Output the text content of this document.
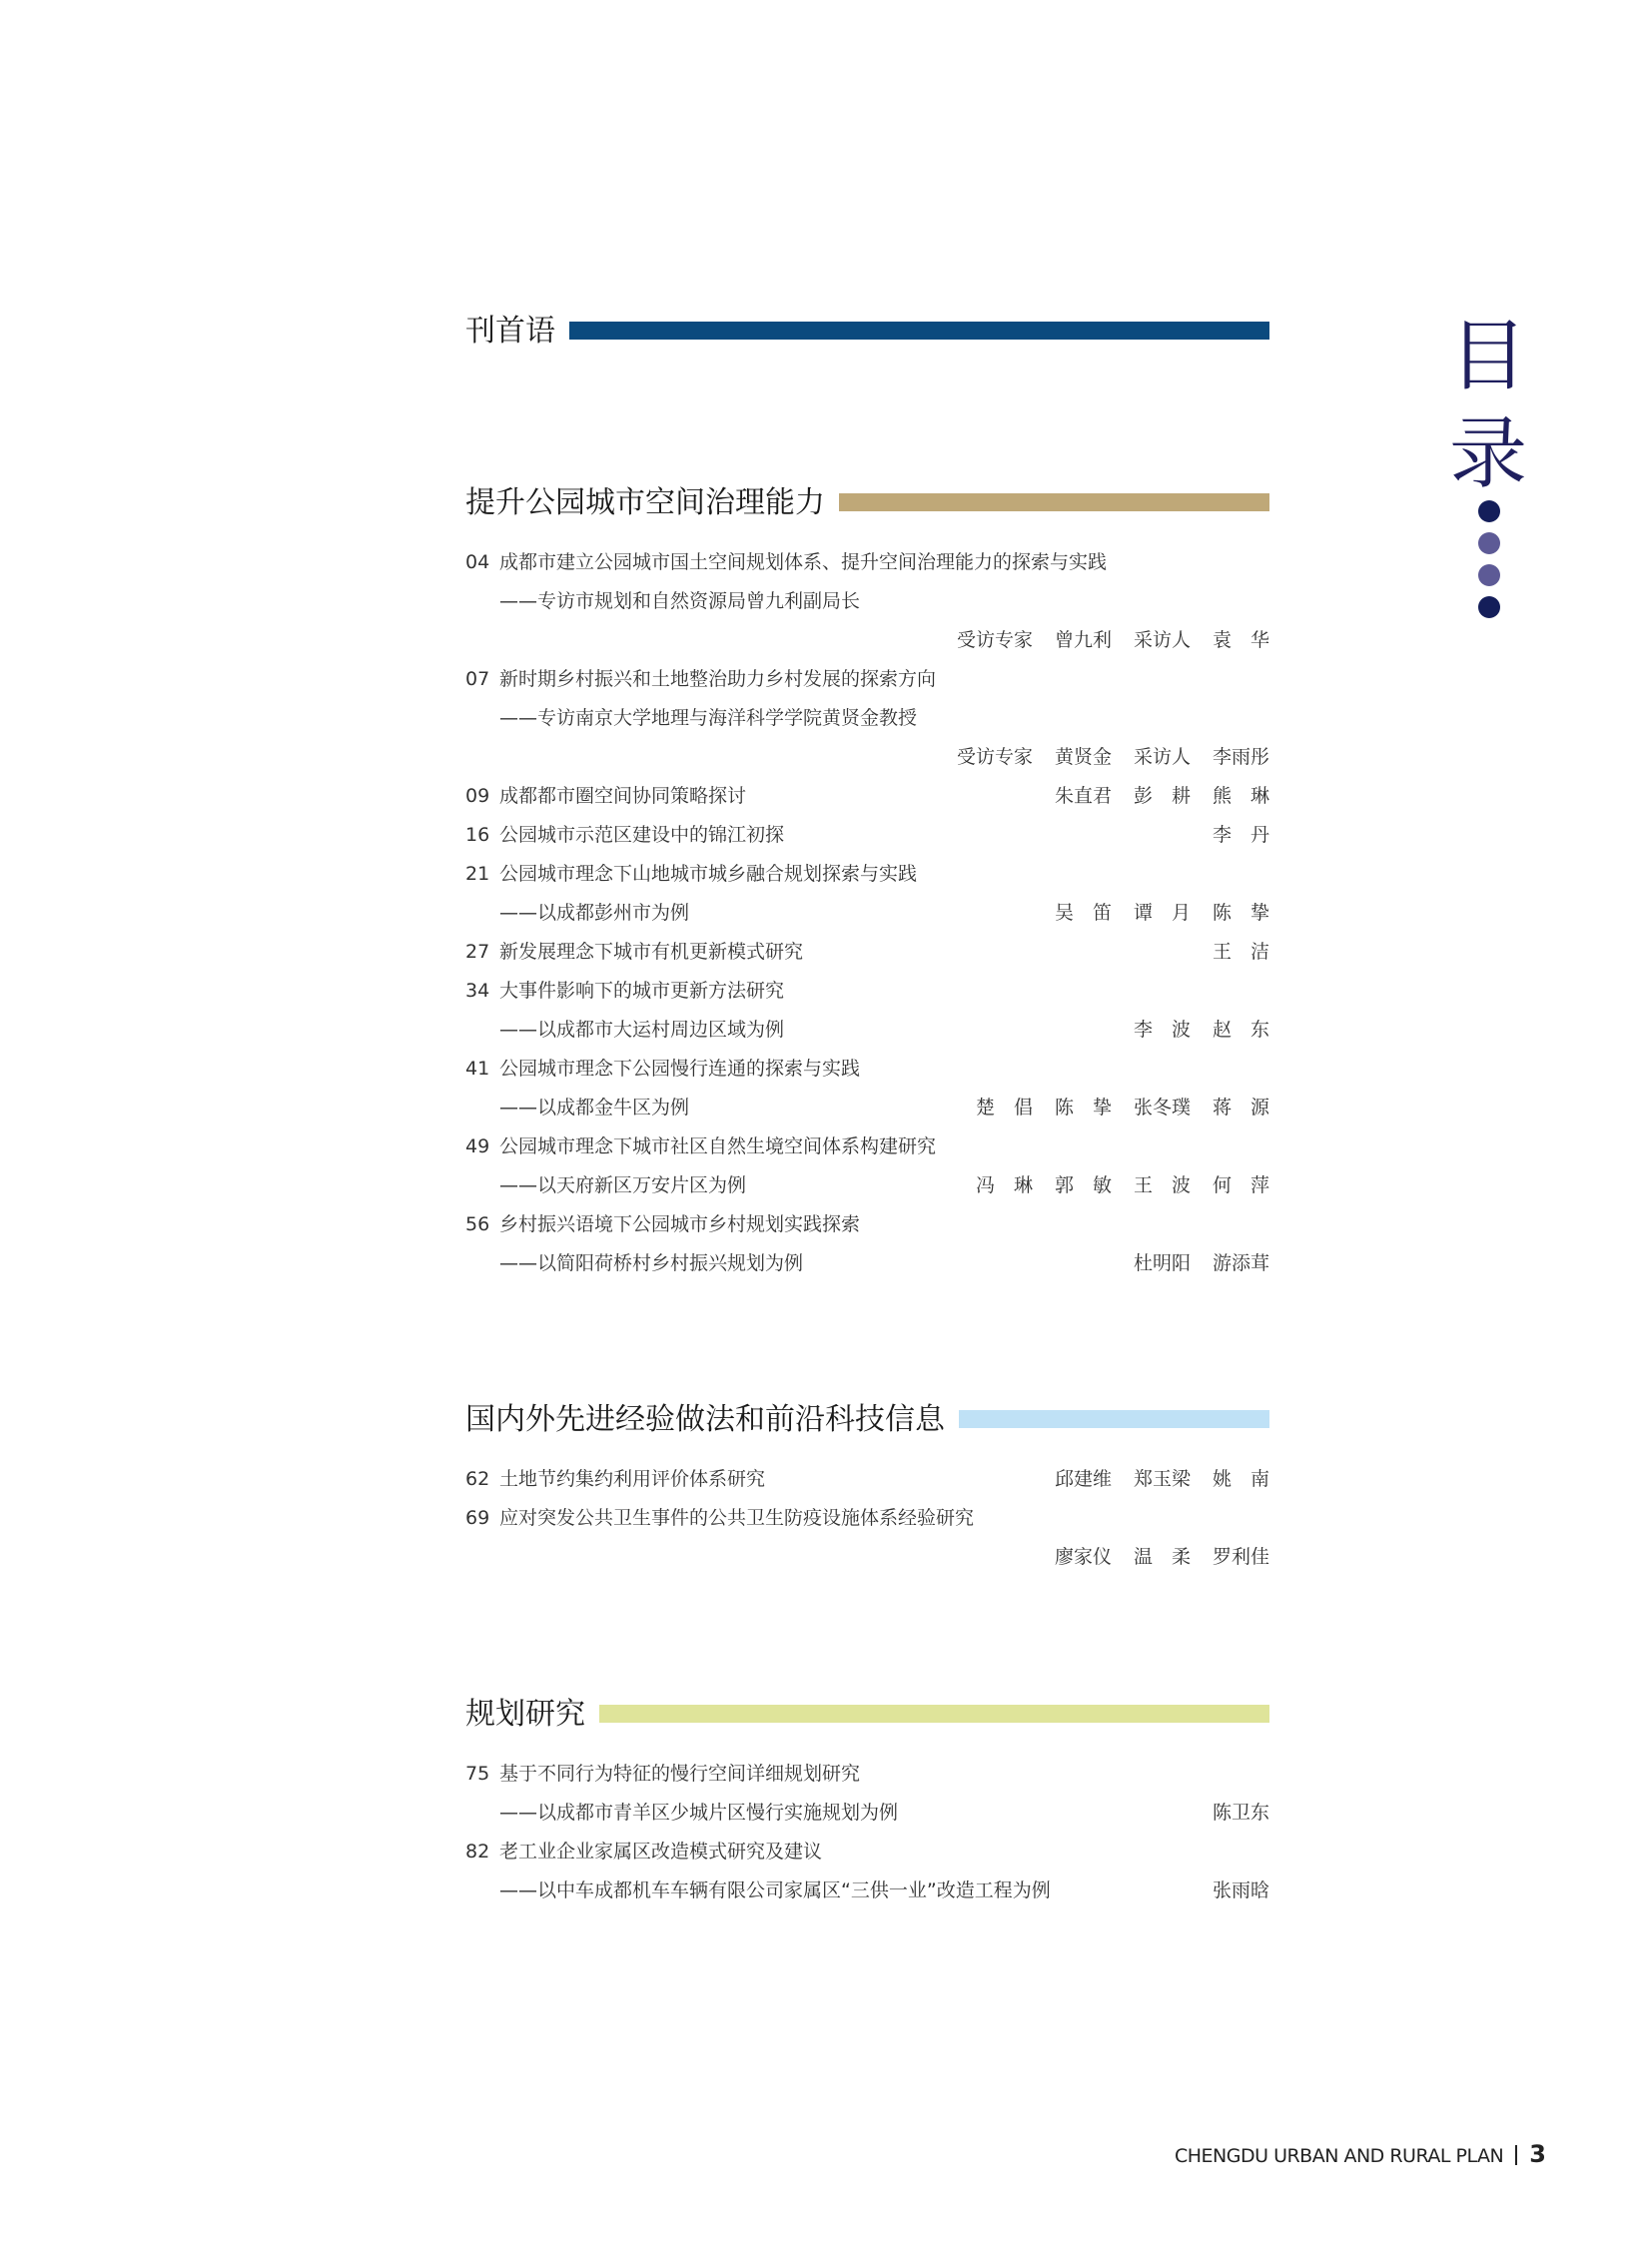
目
录
刊首语
提升公园城市空间治理能力
04 成都市建立公园城市国土空间规划体系、提升空间治理能力的探索与实践
——专访市规划和自然资源局曾九利副局长
受访专家 曾九利 采访人 袁　华
07 新时期乡村振兴和土地整治助力乡村发展的探索方向
——专访南京大学地理与海洋科学学院黄贤金教授
受访专家 黄贤金 采访人 李雨彤
09 成都都市圈空间协同策略探讨	朱直君 彭　耕 熊　琳
16 公园城市示范区建设中的锦江初探	李　丹
21 公园城市理念下山地城市城乡融合规划探索与实践
——以成都彭州市为例	吴　笛 谭　月 陈　挚
27 新发展理念下城市有机更新模式研究	王　洁
34 大事件影响下的城市更新方法研究
——以成都市大运村周边区域为例	李　波 赵　东
41 公园城市理念下公园慢行连通的探索与实践
——以成都金牛区为例	楚　倡 陈　挚 张冬璞 蒋　源
49 公园城市理念下城市社区自然生境空间体系构建研究
——以天府新区万安片区为例	冯　琳 郭　敏 王　波 何　萍
56 乡村振兴语境下公园城市乡村规划实践探索
——以简阳荷桥村乡村振兴规划为例	杜明阳 游添茸
国内外先进经验做法和前沿科技信息
62 土地节约集约利用评价体系研究	邱建维 郑玉梁 姚　南
69 应对突发公共卫生事件的公共卫生防疫设施体系经验研究
廖家仪 温　柔 罗利佳
规划研究
75 基于不同行为特征的慢行空间详细规划研究
——以成都市青羊区少城片区慢行实施规划为例	陈卫东
82 老工业企业家属区改造模式研究及建议
——以中车成都机车车辆有限公司家属区“三供一业”改造工程为例	张雨晗
CHENGDU URBAN AND RURAL PLAN 3
